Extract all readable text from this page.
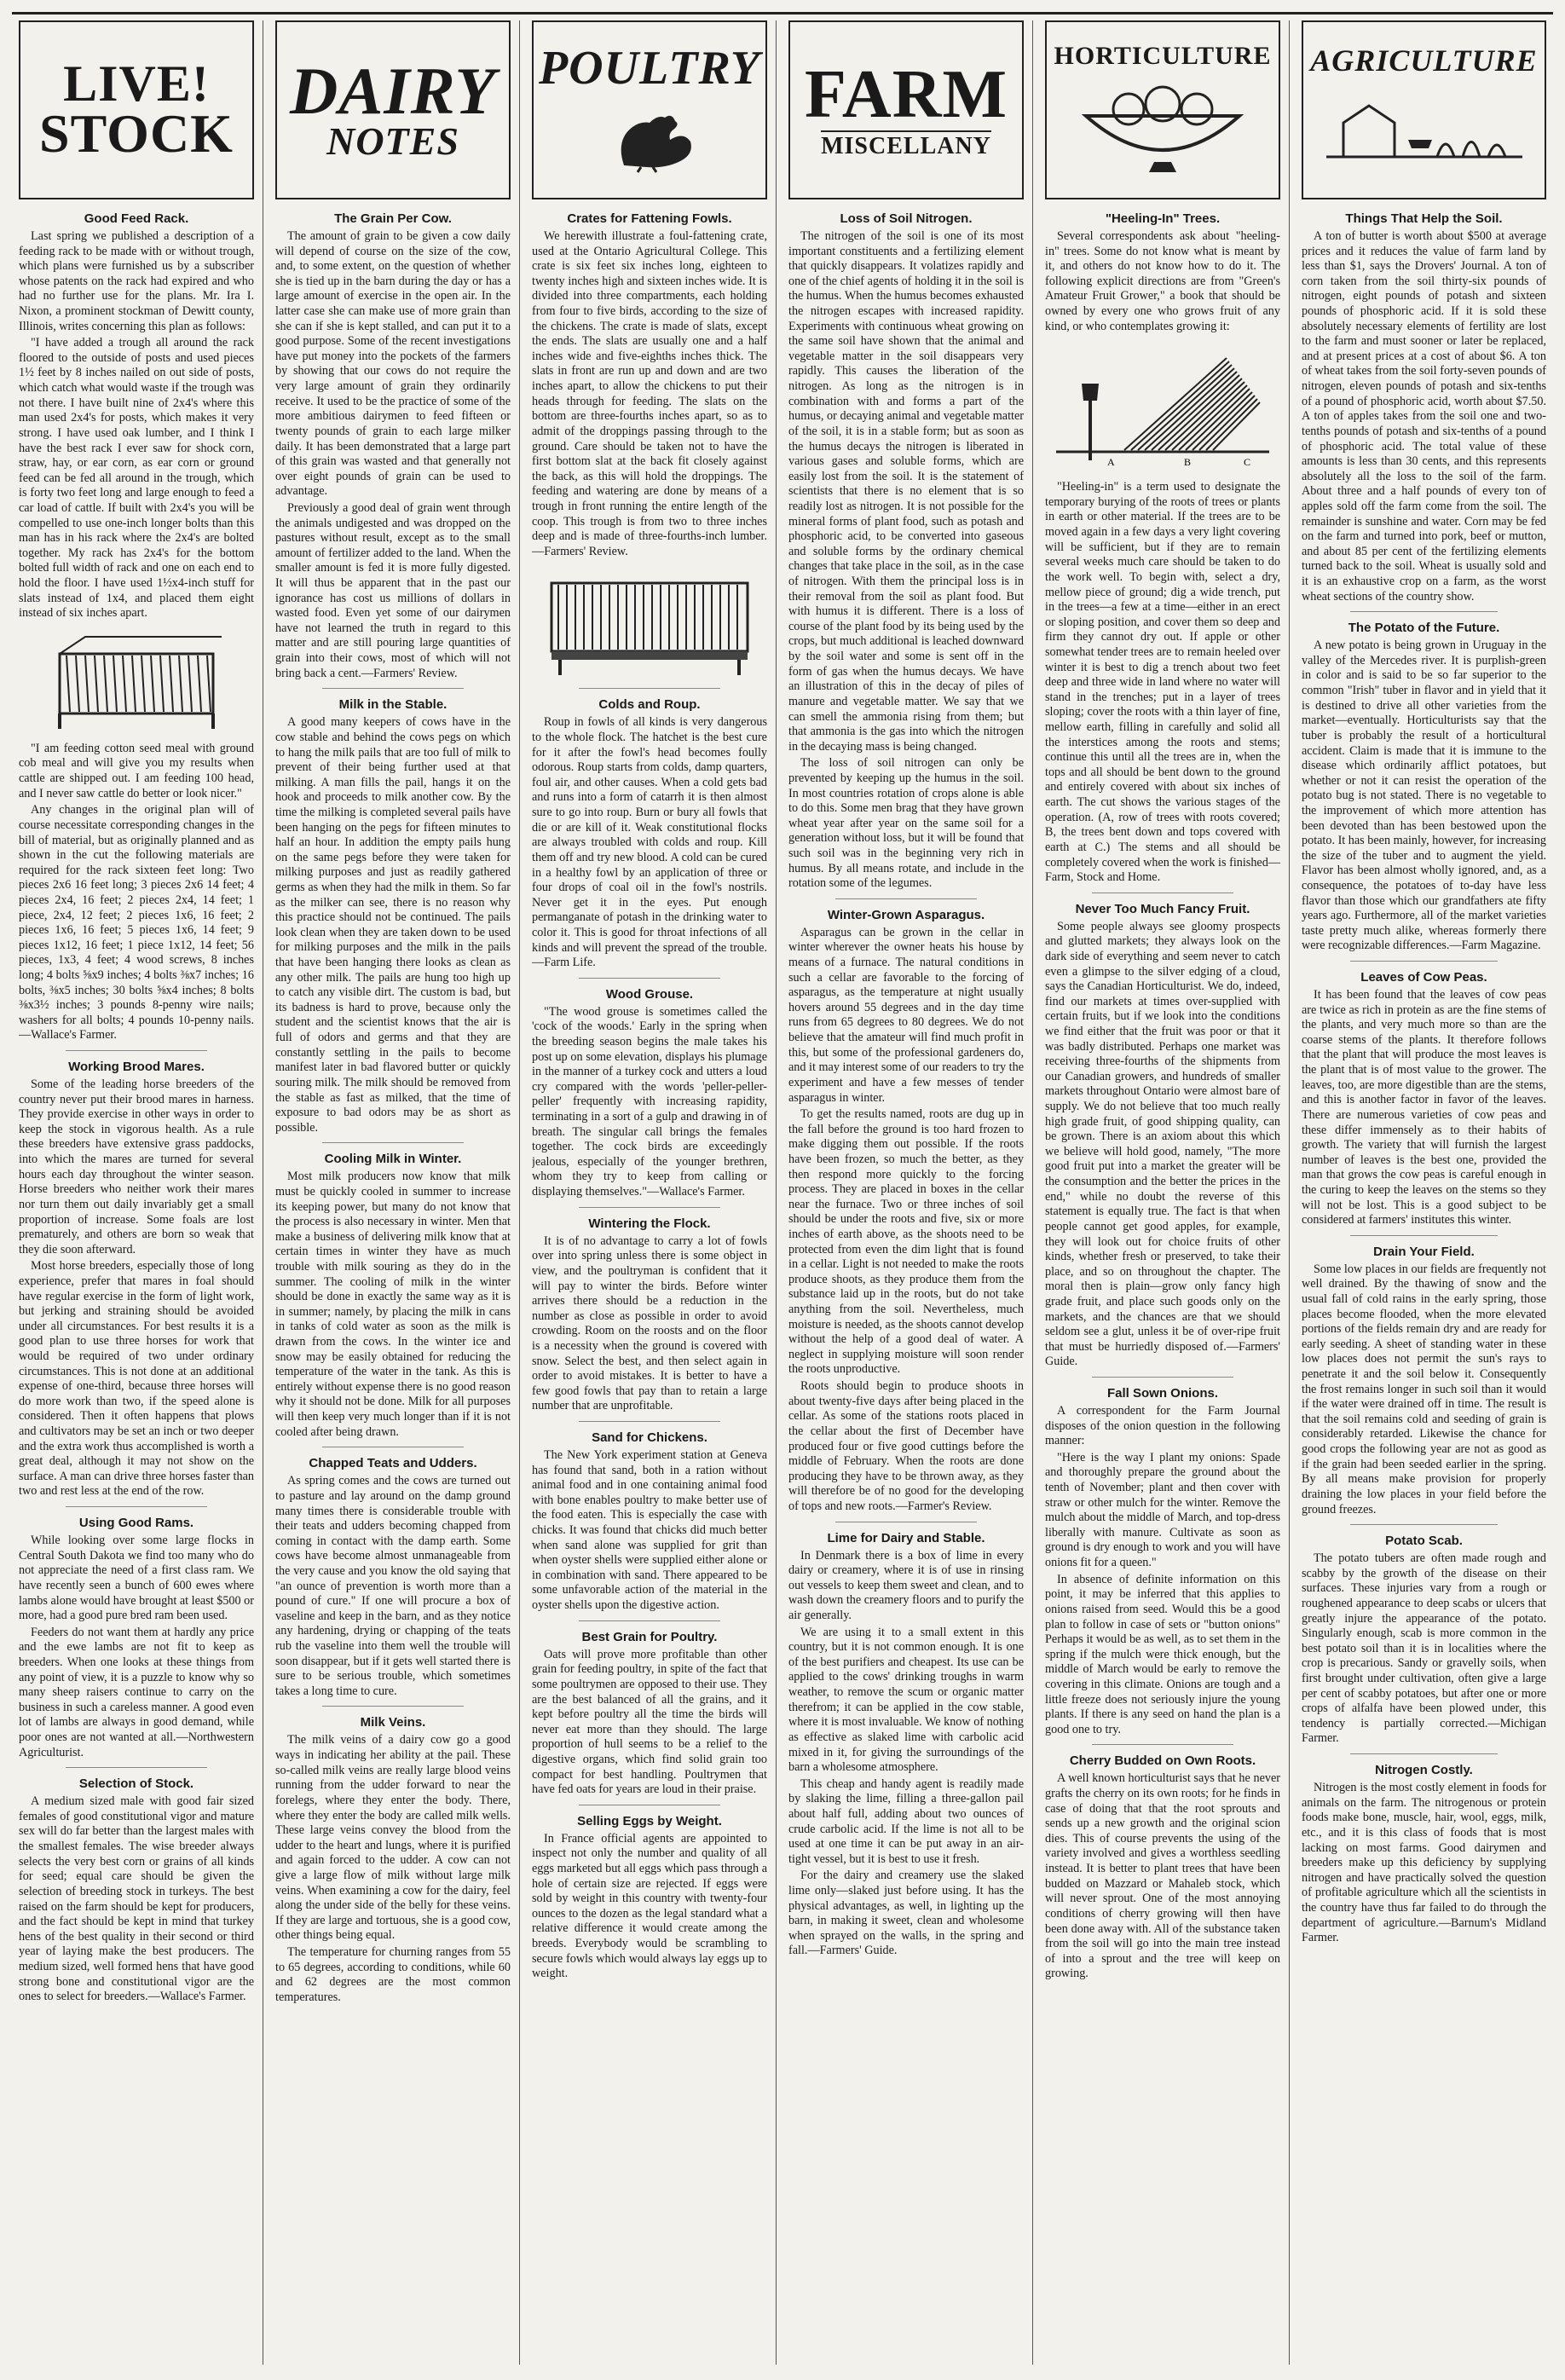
LIVE!
STOCK
Good Feed Rack.

Last spring we published a description of a feeding rack to be made with or without trough, which plans were furnished us by a subscriber whose patents on the rack had expired and who had no further use for the plans. Mr. Ira I. Nixon, a prominent stockman of Dewitt county, Illinois, writes concerning this plan as follows:

"I have added a trough all around the rack floored to the outside of posts and used pieces 1½ feet by 8 inches nailed on out side of posts, which catch what would waste if the trough was not there. I have built nine of 2x4's where this man used 2x4's for posts, which makes it very strong. I have used oak lumber, and I think I have the best rack I ever saw for shock corn, straw, hay, or ear corn, as ear corn or ground feed can be fed all around in the trough, which is forty two feet long and large enough to feed a car load of cattle. If built with 2x4's you will be compelled to use one-inch longer bolts than this man has in his rack where the 2x4's are bolted together. My rack has 2x4's for the bottom bolted full width of rack and one on each end to hold the floor. I have used 1½x4-inch stuff for slats instead of 1x4, and placed them eight instead of six inches apart.

"I am feeding cotton seed meal with ground cob meal and will give you my results when cattle are shipped out. I am feeding 100 head, and I never saw cattle do better or look nicer."

Any changes in the original plan will of course necessitate corresponding changes in the bill of material, but as originally planned and as shown in the cut the following materials are required for the rack sixteen feet long: Two pieces 2x6 16 feet long; 3 pieces 2x6 14 feet; 4 pieces 2x4, 16 feet; 2 pieces 2x4, 14 feet; 1 piece, 2x4, 12 feet; 2 pieces 1x6, 16 feet; 2 pieces 1x6, 16 feet; 5 pieces 1x6, 14 feet; 9 pieces 1x12, 16 feet; 1 piece 1x12, 14 feet; 56 pieces, 1x3, 4 feet; 4 wood screws, 8 inches long; 4 bolts ⅝x9 inches; 4 bolts ⅜x7 inches; 16 bolts, ⅜x5 inches; 30 bolts ⅝x4 inches; 8 bolts ⅜x3½ inches; 3 pounds 8-penny wire nails; washers for all bolts; 4 pounds 10-penny nails.—Wallace's Farmer.

Working Brood Mares.

Some of the leading horse breeders of the country never put their brood mares in harness. They provide exercise in other ways in order to keep the stock in vigorous health. As a rule these breeders have extensive grass paddocks, into which the mares are turned for several hours each day throughout the winter season. Horse breeders who neither work their mares nor turn them out daily invariably get a small proportion of increase. Some foals are lost prematurely, and others are born so weak that they die soon afterward.

Most horse breeders, especially those of long experience, prefer that mares in foal should have regular exercise in the form of light work, but jerking and straining should be avoided under all circumstances. For best results it is a good plan to use three horses for work that would be required of two under ordinary circumstances. This is not done at an additional expense of one-third, because three horses will do more work than two, if the speed alone is considered. Then it often happens that plows and cultivators may be set an inch or two deeper and the extra work thus accomplished is worth a great deal, although it may not show on the surface. A man can drive three horses faster than two and rest less at the end of the row.

Using Good Rams.

While looking over some large flocks in Central South Dakota we find too many who do not appreciate the need of a first class ram. We have recently seen a bunch of 600 ewes where lambs alone would have brought at least $500 or more, had a good pure bred ram been used.

Feeders do not want them at hardly any price and the ewe lambs are not fit to keep as breeders. When one looks at these things from any point of view, it is a puzzle to know why so many sheep raisers continue to carry on the business in such a careless manner. A good even lot of lambs are always in good demand, while poor ones are not wanted at all.—Northwestern Agriculturist.

Selection of Stock.

A medium sized male with good fair sized females of good constitutional vigor and mature sex will do far better than the largest males with the smallest females. The wise breeder always selects the very best corn or grains of all kinds for seed; equal care should be given the selection of breeding stock in turkeys. The best raised on the farm should be kept for producers, and the fact should be kept in mind that turkey hens of the best quality in their second or third year of laying make the best producers. The medium sized, well formed hens that have good strong bone and constitutional vigor are the ones to select for breeders.—Wallace's Farmer.

DAIRY
NOTES
The Grain Per Cow.

The amount of grain to be given a cow daily will depend of course on the size of the cow, and, to some extent, on the question of whether she is tied up in the barn during the day or has a large amount of exercise in the open air. In the latter case she can make use of more grain than she can if she is kept stalled, and can put it to a good purpose. Some of the recent investigations have put money into the pockets of the farmers by showing that our cows do not require the very large amount of grain they ordinarily receive. It used to be the practice of some of the more ambitious dairymen to feed fifteen or twenty pounds of grain to each large milker daily. It has been demonstrated that a large part of this grain was wasted and that generally not over eight pounds of grain can be used to advantage.

Previously a good deal of grain went through the animals undigested and was dropped on the pastures without result, except as to the small amount of fertilizer added to the land. When the smaller amount is fed it is more fully digested. It will thus be apparent that in the past our ignorance has cost us millions of dollars in wasted food. Even yet some of our dairymen have not learned the truth in regard to this matter and are still pouring large quantities of grain into their cows, most of which will not bring back a cent.—Farmers' Review.

Milk in the Stable.

A good many keepers of cows have in the cow stable and behind the cows pegs on which to hang the milk pails that are too full of milk to prevent of their being further used at that milking. A man fills the pail, hangs it on the hook and proceeds to milk another cow. By the time the milking is completed several pails have been hanging on the pegs for fifteen minutes to half an hour. In addition the empty pails hung on the same pegs before they were taken for milking purposes and just as readily gathered germs as when they had the milk in them. So far as the milker can see, there is no reason why this practice should not be continued. The pails look clean when they are taken down to be used for milking purposes and the milk in the pails that have been hanging there looks as clean as any other milk. The pails are hung too high up to catch any visible dirt. The custom is bad, but its badness is hard to prove, because only the student and the scientist knows that the air is full of odors and germs and that they are constantly settling in the pails to become manifest later in bad flavored butter or quickly souring milk. The milk should be removed from the stable as fast as milked, that the time of exposure to bad odors may be as short as possible.

Cooling Milk in Winter.

Most milk producers now know that milk must be quickly cooled in summer to increase its keeping power, but many do not know that the process is also necessary in winter. Men that make a business of delivering milk know that at certain times in winter they have as much trouble with milk souring as they do in the summer. The cooling of milk in the winter should be done in exactly the same way as it is in summer; namely, by placing the milk in cans in tanks of cold water as soon as the milk is drawn from the cows. In the winter ice and snow may be easily obtained for reducing the temperature of the water in the tank. As this is entirely without expense there is no good reason why it should not be done. Milk for all purposes will then keep very much longer than if it is not cooled after being drawn.

Chapped Teats and Udders.

As spring comes and the cows are turned out to pasture and lay around on the damp ground many times there is considerable trouble with their teats and udders becoming chapped from coming in contact with the damp earth. Some cows have become almost unmanageable from the very cause and you know the old saying that "an ounce of prevention is worth more than a pound of cure." If one will procure a box of vaseline and keep in the barn, and as they notice any hardening, drying or chapping of the teats rub the vaseline into them well the trouble will soon disappear, but if it gets well started there is sure to be serious trouble, which sometimes takes a long time to cure.

Milk Veins.

The milk veins of a dairy cow go a good ways in indicating her ability at the pail. These so-called milk veins are really large blood veins running from the udder forward to near the forelegs, where they enter the body. There, where they enter the body are called milk wells. These large veins convey the blood from the udder to the heart and lungs, where it is purified and again forced to the udder. A cow can not give a large flow of milk without large milk veins. When examining a cow for the dairy, feel along the under side of the belly for these veins. If they are large and tortuous, she is a good cow, other things being equal.

The temperature for churning ranges from 55 to 65 degrees, according to conditions, while 60 and 62 degrees are the most common temperatures.

POULTRY
Crates for Fattening Fowls.

We herewith illustrate a foul-fattening crate, used at the Ontario Agricultural College. This crate is six feet six inches long, eighteen to twenty inches high and sixteen inches wide. It is divided into three compartments, each holding from four to five birds, according to the size of the chickens. The crate is made of slats, except the ends. The slats are usually one and a half inches wide and five-eighths inches thick. The slats in front are run up and down and are two inches apart, to allow the chickens to put their heads through for feeding. The slats on the bottom are three-fourths inches apart, so as to admit of the droppings passing through to the ground. Care should be taken not to have the first bottom slat at the back fit closely against the back, as this will hold the droppings. The feeding and watering are done by means of a trough in front running the entire length of the coop. This trough is from two to three inches deep and is made of three-fourths-inch lumber.—Farmers' Review.

Colds and Roup.

Roup in fowls of all kinds is very dangerous to the whole flock. The hatchet is the best cure for it after the fowl's head becomes foully odorous. Roup starts from colds, damp quarters, foul air, and other causes. When a cold gets bad and runs into a form of catarrh it is then almost sure to go into roup. Burn or bury all fowls that die or are kill of it. Weak constitutional flocks are always troubled with colds and roup. Kill them off and try new blood. A cold can be cured in a healthy fowl by an application of three or four drops of coal oil in the fowl's nostrils. Never get it in the eyes. Put enough permanganate of potash in the drinking water to color it. This is good for throat infections of all kinds and will prevent the spread of the trouble.—Farm Life.

Wood Grouse.

"The wood grouse is sometimes called the 'cock of the woods.' Early in the spring when the breeding season begins the male takes his post up on some elevation, displays his plumage in the manner of a turkey cock and utters a loud cry compared with the words 'peller-peller-peller' frequently with increasing rapidity, terminating in a sort of a gulp and drawing in of breath. The singular call brings the females together. The cock birds are exceedingly jealous, especially of the younger brethren, whom they try to keep from calling or displaying themselves."—Wallace's Farmer.

Wintering the Flock.

It is of no advantage to carry a lot of fowls over into spring unless there is some object in view, and the poultryman is confident that it will pay to winter the birds. Before winter arrives there should be a reduction in the number as close as possible in order to avoid crowding. Room on the roosts and on the floor is a necessity when the ground is covered with snow. Select the best, and then select again in order to avoid mistakes. It is better to have a few good fowls that pay than to retain a large number that are unprofitable.

Sand for Chickens.

The New York experiment station at Geneva has found that sand, both in a ration without animal food and in one containing animal food with bone enables poultry to make better use of the food eaten. This is especially the case with chicks. It was found that chicks did much better when sand alone was supplied for grit than when oyster shells were supplied either alone or in combination with sand. There appeared to be some unfavorable action of the material in the oyster shells upon the digestive action.

Best Grain for Poultry.

Oats will prove more profitable than other grain for feeding poultry, in spite of the fact that some poultrymen are opposed to their use. They are the best balanced of all the grains, and it kept before poultry all the time the birds will never eat more than they should. The large proportion of hull seems to be a relief to the digestive organs, which find solid grain too compact for best handling. Poultrymen that have fed oats for years are loud in their praise.

Selling Eggs by Weight.

In France official agents are appointed to inspect not only the number and quality of all eggs marketed but all eggs which pass through a hole of certain size are rejected. If eggs were sold by weight in this country with twenty-four ounces to the dozen as the legal standard what a relative difference it would create among the breeds. Everybody would be scrambling to secure fowls which would always lay eggs up to weight.

FARM
MISCELLANY
Loss of Soil Nitrogen.

The nitrogen of the soil is one of its most important constituents and a fertilizing element that quickly disappears. It volatizes rapidly and one of the chief agents of holding it in the soil is the humus. When the humus becomes exhausted the nitrogen escapes with increased rapidity. Experiments with continuous wheat growing on the same soil have shown that the animal and vegetable matter in the soil disappears very rapidly. This causes the liberation of the nitrogen. As long as the nitrogen is in combination with and forms a part of the humus, or decaying animal and vegetable matter of the soil, it is in a stable form; but as soon as the humus decays the nitrogen is liberated in various gases and soluble forms, which are easily lost from the soil. It is the statement of scientists that there is no element that is so readily lost as nitrogen. It is not possible for the mineral forms of plant food, such as potash and phosphoric acid, to be converted into gaseous and soluble forms by the ordinary chemical changes that take place in the soil, as in the case of nitrogen. With them the principal loss is in their removal from the soil as plant food. But with humus it is different. There is a loss of course of the plant food by its being used by the crops, but much additional is leached downward by the soil water and some is sent off in the form of gas when the humus decays. We have an illustration of this in the decay of piles of manure and vegetable matter. We say that we can smell the ammonia rising from them; but that ammonia is the gas into which the nitrogen in the decaying mass is being changed.

The loss of soil nitrogen can only be prevented by keeping up the humus in the soil. In most countries rotation of crops alone is able to do this. Some men brag that they have grown wheat year after year on the same soil for a generation without loss, but it will be found that such soil was in the beginning very rich in humus. By all means rotate, and include in the rotation some of the legumes.

Winter-Grown Asparagus.

Asparagus can be grown in the cellar in winter wherever the owner heats his house by means of a furnace. The natural conditions in such a cellar are favorable to the forcing of asparagus, as the temperature at night usually hovers around 55 degrees and in the day time runs from 65 degrees to 80 degrees. We do not believe that the amateur will find much profit in this, but some of the professional gardeners do, and it may interest some of our readers to try the experiment and have a few messes of tender asparagus in winter.

To get the results named, roots are dug up in the fall before the ground is too hard frozen to make digging them out possible. If the roots have been frozen, so much the better, as they then respond more quickly to the forcing process. They are placed in boxes in the cellar near the furnace. Two or three inches of soil should be under the roots and five, six or more inches of earth above, as the shoots need to be protected from even the dim light that is found in a cellar. Light is not needed to make the roots produce shoots, as they produce them from the substance laid up in the roots, but do not take anything from the soil. Nevertheless, much moisture is needed, as the shoots cannot develop without the help of a good deal of water. A neglect in supplying moisture will soon render the roots unproductive.

Roots should begin to produce shoots in about twenty-five days after being placed in the cellar. As some of the stations roots placed in the cellar about the first of December have produced four or five good cuttings before the middle of February. When the roots are done producing they have to be thrown away, as they will therefore be of no good for the developing of tops and new roots.—Farmer's Review.

Lime for Dairy and Stable.

In Denmark there is a box of lime in every dairy or creamery, where it is of use in rinsing out vessels to keep them sweet and clean, and to wash down the creamery floors and to purify the air generally.

We are using it to a small extent in this country, but it is not common enough. It is one of the best purifiers and cheapest. Its use can be applied to the cows' drinking troughs in warm weather, to remove the scum or organic matter therefrom; it can be applied in the cow stable, where it is most invaluable. We know of nothing as effective as slaked lime with carbolic acid mixed in it, for giving the surroundings of the barn a wholesome atmosphere.

This cheap and handy agent is readily made by slaking the lime, filling a three-gallon pail about half full, adding about two ounces of crude carbolic acid. If the lime is not all to be used at one time it can be put away in an air-tight vessel, but it is best to use it fresh.

For the dairy and creamery use the slaked lime only—slaked just before using. It has the physical advantages, as well, in lighting up the barn, in making it sweet, clean and wholesome when sprayed on the walls, in the spring and fall.—Farmers' Guide.

HORTICULTURE
"Heeling-In" Trees.

Several correspondents ask about "heeling-in" trees. Some do not know what is meant by it, and others do not know how to do it. The following explicit directions are from "Green's Amateur Fruit Grower," a book that should be owned by every one who grows fruit of any kind, or who contemplates growing it:

A	B	C

"Heeling-in" is a term used to designate the temporary burying of the roots of trees or plants in earth or other material. If the trees are to be moved again in a few days a very light covering will be sufficient, but if they are to remain several weeks much care should be taken to do the work well. To begin with, select a dry, mellow piece of ground; dig a wide trench, put in the trees—a few at a time—either in an erect or sloping position, and cover them so deep and firm they cannot dry out. If apple or other somewhat tender trees are to remain heeled over winter it is best to dig a trench about two feet deep and three wide in land where no water will stand in the trenches; put in a layer of trees sloping; cover the roots with a thin layer of fine, mellow earth, filling in carefully and solid all the interstices among the roots and stems; continue this until all the trees are in, when the tops and all should be bent down to the ground and entirely covered with about six inches of earth. The cut shows the various stages of the operation. (A, row of trees with roots covered; B, the trees bent down and tops covered with earth at C.) The stems and all should be completely covered when the work is finished—Farm, Stock and Home.

Never Too Much Fancy Fruit.

Some people always see gloomy prospects and glutted markets; they always look on the dark side of everything and seem never to catch even a glimpse to the silver edging of a cloud, says the Canadian Horticulturist. We do, indeed, find our markets at times over-supplied with certain fruits, but if we look into the conditions we find either that the fruit was poor or that it was badly distributed. Perhaps one market was receiving three-fourths of the shipments from our Canadian growers, and hundreds of smaller markets throughout Ontario were almost bare of supply. We do not believe that too much really high grade fruit, of good shipping quality, can be grown. There is an axiom about this which we believe will hold good, namely, "The more good fruit put into a market the greater will be the consumption and the better the prices in the end," while no doubt the reverse of this statement is equally true. The fact is that when people cannot get good apples, for example, they will look out for choice fruits of other kinds, whether fresh or preserved, to take their place, and so on throughout the chapter. The moral then is plain—grow only fancy high grade fruit, and place such goods only on the markets, and the chances are that we should seldom see a glut, unless it be of over-ripe fruit that must be hurriedly disposed of.—Farmers' Guide.

Fall Sown Onions.

A correspondent for the Farm Journal disposes of the onion question in the following manner:

"Here is the way I plant my onions: Spade and thoroughly prepare the ground about the tenth of November; plant and then cover with straw or other mulch for the winter. Remove the mulch about the middle of March, and top-dress liberally with manure. Cultivate as soon as ground is dry enough to work and you will have onions fit for a queen."

In absence of definite information on this point, it may be inferred that this applies to onions raised from seed. Would this be a good plan to follow in case of sets or "button onions" Perhaps it would be as well, as to set them in the spring if the mulch were thick enough, but the middle of March would be early to remove the covering in this climate. Onions are tough and a little freeze does not seriously injure the young plants. If there is any seed on hand the plan is a good one to try.

Cherry Budded on Own Roots.

A well known horticulturist says that he never grafts the cherry on its own roots; for he finds in case of doing that that the root sprouts and sends up a new growth and the original scion dies. This of course prevents the using of the variety involved and gives a worthless seedling instead. It is better to plant trees that have been budded on Mazzard or Mahaleb stock, which will never sprout. One of the most annoying conditions of cherry growing will then have been done away with. All of the substance taken from the soil will go into the main tree instead of into a sprout and the tree will keep on growing.

AGRICULTURE
Things That Help the Soil.

A ton of butter is worth about $500 at average prices and it reduces the value of farm land by less than $1, says the Drovers' Journal. A ton of corn taken from the soil thirty-six pounds of nitrogen, eight pounds of potash and sixteen pounds of phosphoric acid. If it is sold these absolutely necessary elements of fertility are lost to the farm and must sooner or later be replaced, and at present prices at a cost of about $6. A ton of wheat takes from the soil forty-seven pounds of nitrogen, eleven pounds of potash and six-tenths of a pound of phosphoric acid, worth about $7.50. A ton of apples takes from the soil one and two-tenths pounds of potash and six-tenths of a pound of phosphoric acid. The total value of these amounts is less than 30 cents, and this represents absolutely all the loss to the soil of the farm. About three and a half pounds of every ton of apples sold off the farm come from the soil. The remainder is sunshine and water. Corn may be fed on the farm and turned into pork, beef or mutton, and about 85 per cent of the fertilizing elements turned back to the soil. Wheat is usually sold and it is an exhaustive crop on a farm, as the worst wheat sections of the country show.

The Potato of the Future.

A new potato is being grown in Uruguay in the valley of the Mercedes river. It is purplish-green in color and is said to be so far superior to the common "Irish" tuber in flavor and in yield that it is destined to drive all other varieties from the market—eventually. Horticulturists say that the tuber is probably the result of a horticultural accident. Claim is made that it is immune to the disease which ordinarily afflict potatoes, but whether or not it can resist the operation of the potato bug is not stated. There is no vegetable to the improvement of which more attention has been devoted than has been bestowed upon the potato. It has been mainly, however, for increasing the size of the tuber and to augment the yield. Flavor has been almost wholly ignored, and, as a consequence, the potatoes of to-day have less flavor than those which our grandfathers ate fifty years ago. Furthermore, all of the market varieties taste pretty much alike, whereas formerly there were recognizable differences.—Farm Magazine.

Leaves of Cow Peas.

It has been found that the leaves of cow peas are twice as rich in protein as are the fine stems of the plants, and very much more so than are the coarse stems of the plants. It therefore follows that the plant that will produce the most leaves is the plant that is of most value to the grower. The leaves, too, are more digestible than are the stems, and this is another factor in favor of the leaves. There are numerous varieties of cow peas and these differ immensely as to their habits of growth. The variety that will furnish the largest number of leaves is the best one, provided the man that grows the cow peas is careful enough in the curing to keep the leaves on the stems so they will not be lost. This is a good subject to be considered at farmers' institutes this winter.

Drain Your Field.

Some low places in our fields are frequently not well drained. By the thawing of snow and the usual fall of cold rains in the early spring, those places become flooded, when the more elevated portions of the fields remain dry and are ready for early seeding. A sheet of standing water in these low places does not permit the sun's rays to penetrate it and the soil below it. Consequently the frost remains longer in such soil than it would if the water were drained off in time. The result is that the soil remains cold and seeding of grain is considerably retarded. Likewise the chance for good crops the following year are not as good as if the grain had been seeded earlier in the spring. By all means make provision for properly draining the low places in your field before the ground freezes.

Potato Scab.

The potato tubers are often made rough and scabby by the growth of the disease on their surfaces. These injuries vary from a rough or roughened appearance to deep scabs or ulcers that greatly injure the appearance of the potato. Singularly enough, scab is more common in the best potato soil than it is in localities where the crop is precarious. Sandy or gravelly soils, when first brought under cultivation, often give a large per cent of scabby potatoes, but after one or more crops of alfalfa have been plowed under, this tendency is partially corrected.—Michigan Farmer.

Nitrogen Costly.

Nitrogen is the most costly element in foods for animals on the farm. The nitrogenous or protein foods make bone, muscle, hair, wool, eggs, milk, etc., and it is this class of foods that is most lacking on most farms. Good dairymen and breeders make up this deficiency by supplying nitrogen and have practically solved the question of profitable agriculture which all the scientists in the country have thus far failed to do through the department of agriculture.—Barnum's Midland Farmer.
